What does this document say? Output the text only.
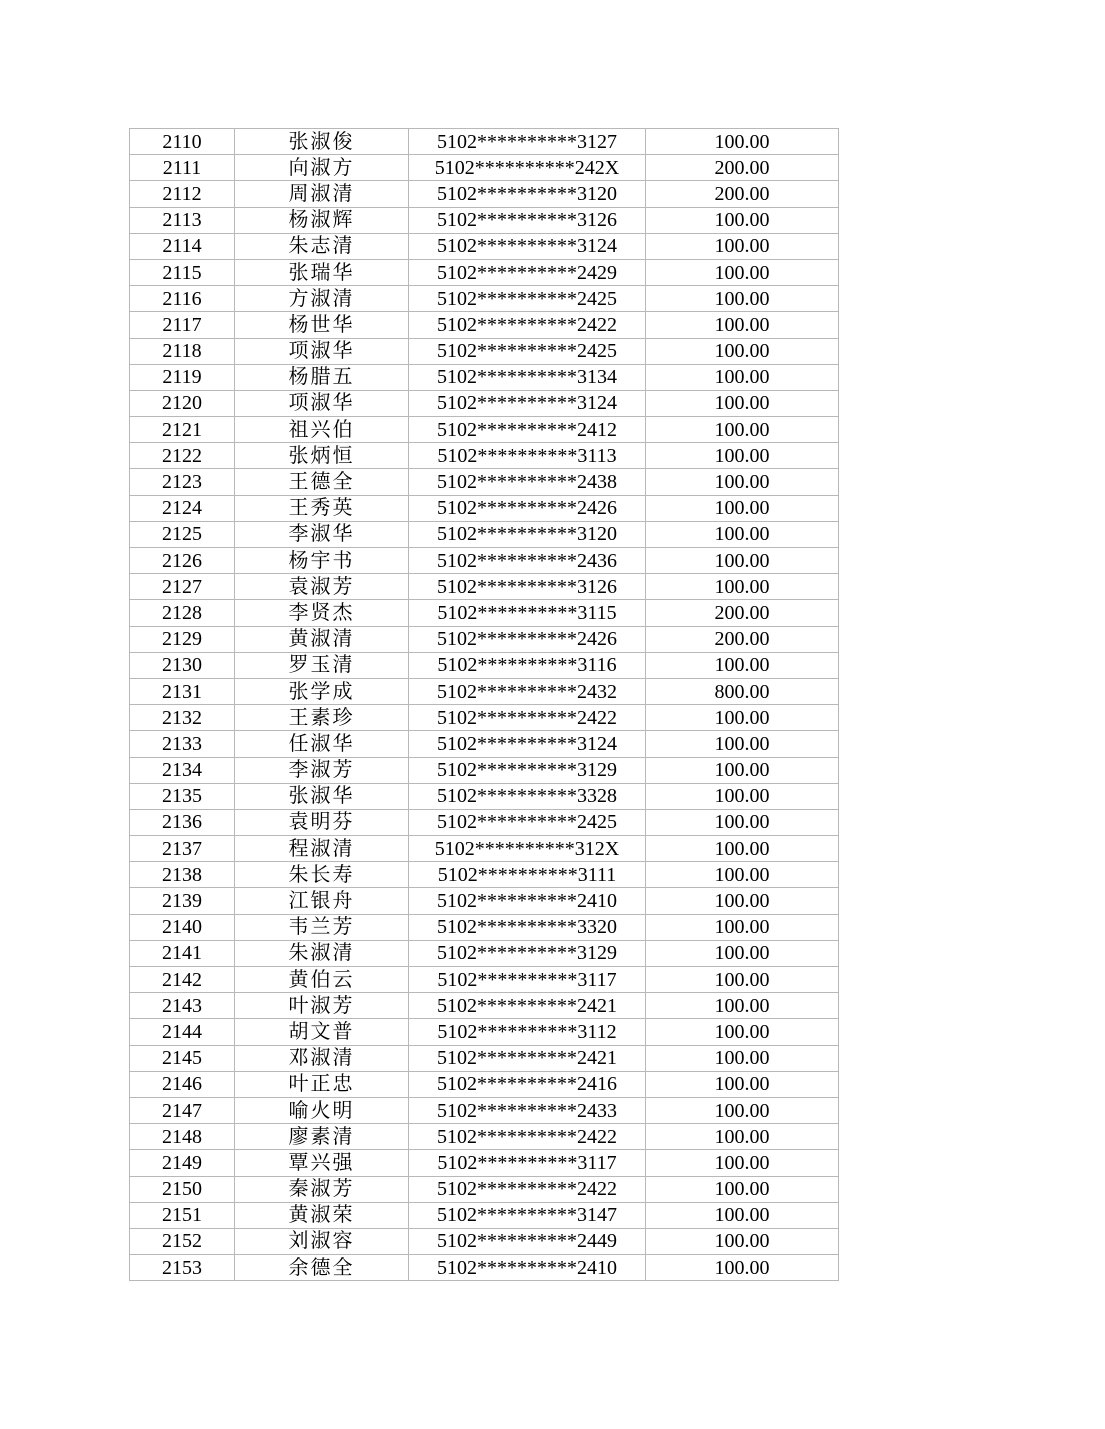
2110	张淑俊	5102**********3127	100.00
2111	向淑方	5102**********242X	200.00
2112	周淑清	5102**********3120	200.00
2113	杨淑辉	5102**********3126	100.00
2114	朱志清	5102**********3124	100.00
2115	张瑞华	5102**********2429	100.00
2116	方淑清	5102**********2425	100.00
2117	杨世华	5102**********2422	100.00
2118	项淑华	5102**********2425	100.00
2119	杨腊五	5102**********3134	100.00
2120	项淑华	5102**********3124	100.00
2121	祖兴伯	5102**********2412	100.00
2122	张炳恒	5102**********3113	100.00
2123	王德全	5102**********2438	100.00
2124	王秀英	5102**********2426	100.00
2125	李淑华	5102**********3120	100.00
2126	杨宇书	5102**********2436	100.00
2127	袁淑芳	5102**********3126	100.00
2128	李贤杰	5102**********3115	200.00
2129	黄淑清	5102**********2426	200.00
2130	罗玉清	5102**********3116	100.00
2131	张学成	5102**********2432	800.00
2132	王素珍	5102**********2422	100.00
2133	任淑华	5102**********3124	100.00
2134	李淑芳	5102**********3129	100.00
2135	张淑华	5102**********3328	100.00
2136	袁明芬	5102**********2425	100.00
2137	程淑清	5102**********312X	100.00
2138	朱长寿	5102**********3111	100.00
2139	江银舟	5102**********2410	100.00
2140	韦兰芳	5102**********3320	100.00
2141	朱淑清	5102**********3129	100.00
2142	黄伯云	5102**********3117	100.00
2143	叶淑芳	5102**********2421	100.00
2144	胡文普	5102**********3112	100.00
2145	邓淑清	5102**********2421	100.00
2146	叶正忠	5102**********2416	100.00
2147	喻火明	5102**********2433	100.00
2148	廖素清	5102**********2422	100.00
2149	覃兴强	5102**********3117	100.00
2150	秦淑芳	5102**********2422	100.00
2151	黄淑荣	5102**********3147	100.00
2152	刘淑容	5102**********2449	100.00
2153	余德全	5102**********2410	100.00
